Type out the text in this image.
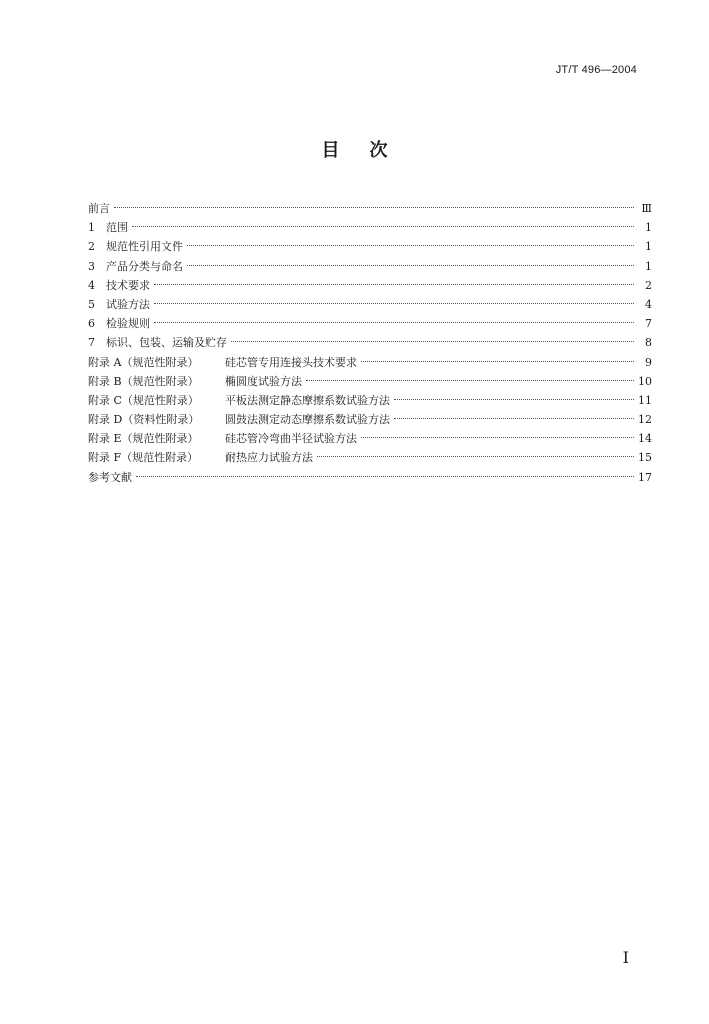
JT/T 496—2004
目次
前言	Ⅲ
1	范围	1
2	规范性引用文件	1
3	产品分类与命名	1
4	技术要求	2
5	试验方法	4
6	检验规则	7
7	标识、包装、运输及贮存	8
附录 A（规范性附录）	硅芯管专用连接头技术要求	9
附录 B（规范性附录）	椭圆度试验方法	10
附录 C（规范性附录）	平板法测定静态摩擦系数试验方法	11
附录 D（资料性附录）	圆鼓法测定动态摩擦系数试验方法	12
附录 E（规范性附录）	硅芯管冷弯曲半径试验方法	14
附录 F（规范性附录）	耐热应力试验方法	15
参考文献	17
Ⅰ
